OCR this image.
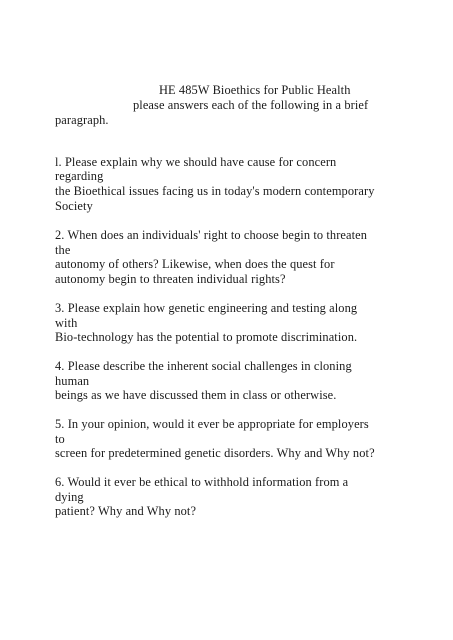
HE 485W Bioethics for Public Health
please answers each of the following in a brief
paragraph.
l. Please explain why we should have cause for concern
regarding
the Bioethical issues facing us in today's modern contemporary
Society
2. When does an individuals' right to choose begin to threaten
the
autonomy of others? Likewise, when does the quest for
autonomy begin to threaten individual rights?
3. Please explain how genetic engineering and testing along
with
Bio-technology has the potential to promote discrimination.
4. Please describe the inherent social challenges in cloning
human
beings as we have discussed them in class or otherwise.
5. In your opinion, would it ever be appropriate for employers
to
screen for predetermined genetic disorders. Why and Why not?
6. Would it ever be ethical to withhold information from a
dying
patient? Why and Why not?
